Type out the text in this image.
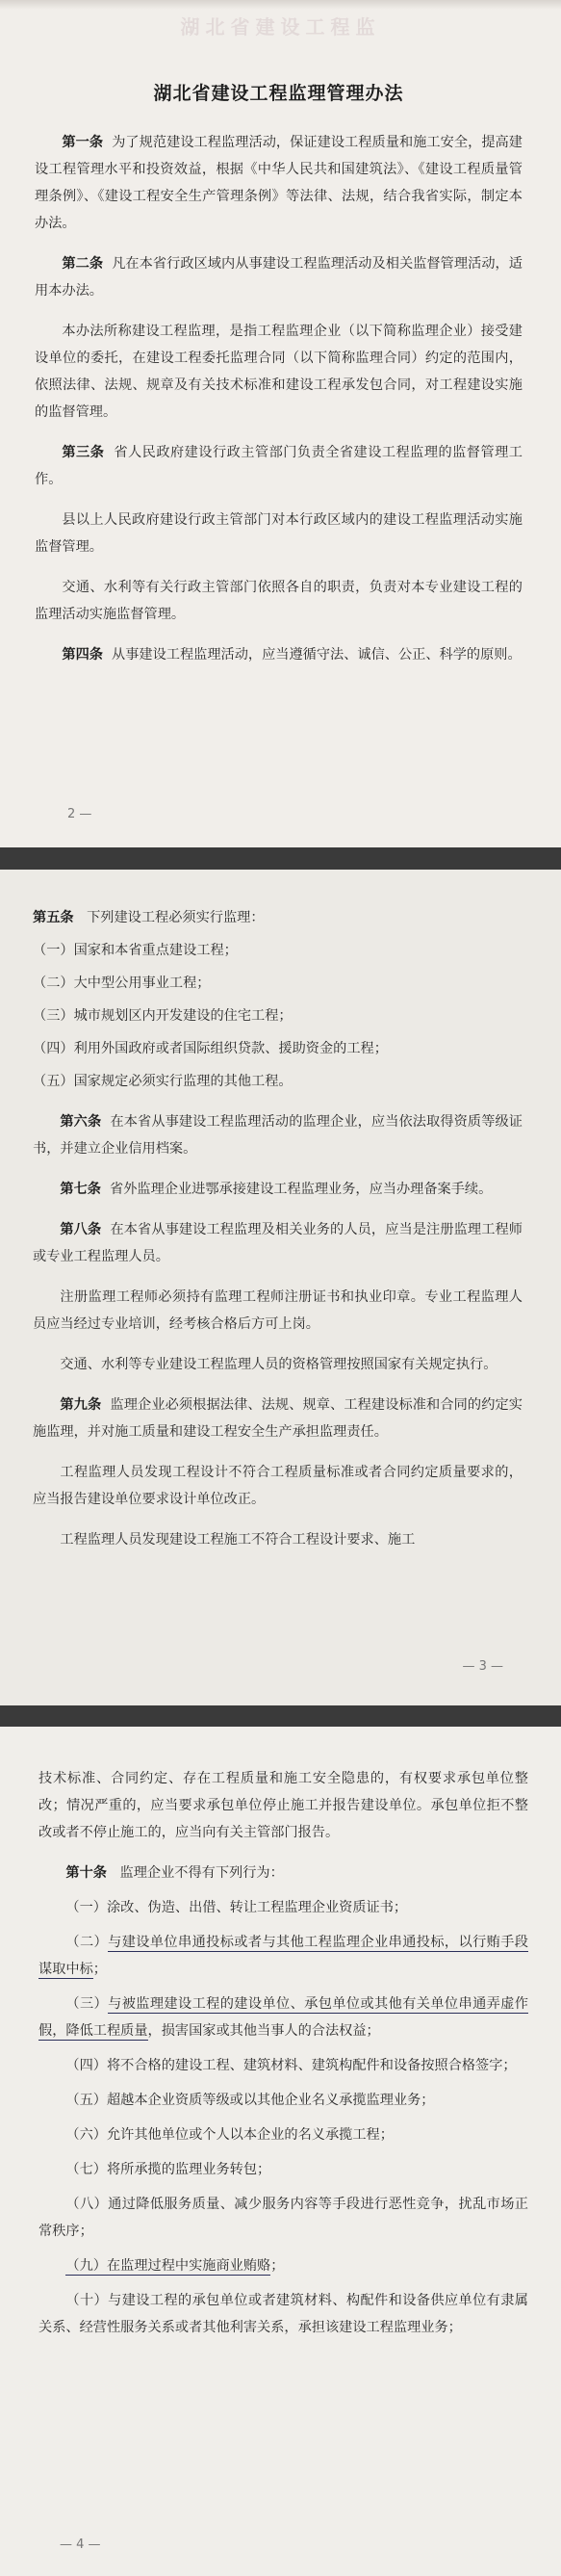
湖北省建设工程监
湖北省建设工程监理管理办法

第一条 为了规范建设工程监理活动，保证建设工程质量和施工安全，提高建设工程管理水平和投资效益，根据《中华人民共和国建筑法》、《建设工程质量管理条例》、《建设工程安全生产管理条例》等法律、法规，结合我省实际，制定本办法。

第二条 凡在本省行政区域内从事建设工程监理活动及相关监督管理活动，适用本办法。

本办法所称建设工程监理，是指工程监理企业（以下简称监理企业）接受建设单位的委托，在建设工程委托监理合同（以下简称监理合同）约定的范围内，依照法律、法规、规章及有关技术标准和建设工程承发包合同，对工程建设实施的监督管理。

第三条 省人民政府建设行政主管部门负责全省建设工程监理的监督管理工作。

县以上人民政府建设行政主管部门对本行政区域内的建设工程监理活动实施监督管理。

交通、水利等有关行政主管部门依照各自的职责，负责对本专业建设工程的监理活动实施监督管理。

第四条 从事建设工程监理活动，应当遵循守法、诚信、公正、科学的原则。

2 —

第五条 下列建设工程必须实行监理：

（一）国家和本省重点建设工程；

（二）大中型公用事业工程；

（三）城市规划区内开发建设的住宅工程；

（四）利用外国政府或者国际组织贷款、援助资金的工程；

（五）国家规定必须实行监理的其他工程。

第六条 在本省从事建设工程监理活动的监理企业，应当依法取得资质等级证书，并建立企业信用档案。

第七条 省外监理企业进鄂承接建设工程监理业务，应当办理备案手续。

第八条 在本省从事建设工程监理及相关业务的人员，应当是注册监理工程师或专业工程监理人员。

注册监理工程师必须持有监理工程师注册证书和执业印章。专业工程监理人员应当经过专业培训，经考核合格后方可上岗。

交通、水利等专业建设工程监理人员的资格管理按照国家有关规定执行。

第九条 监理企业必须根据法律、法规、规章、工程建设标准和合同的约定实施监理，并对施工质量和建设工程安全生产承担监理责任。

工程监理人员发现工程设计不符合工程质量标准或者合同约定质量要求的，应当报告建设单位要求设计单位改正。

工程监理人员发现建设工程施工不符合工程设计要求、施工

— 3 —

技术标准、合同约定、存在工程质量和施工安全隐患的，有权要求承包单位整改；情况严重的，应当要求承包单位停止施工并报告建设单位。承包单位拒不整改或者不停止施工的，应当向有关主管部门报告。

第十条 监理企业不得有下列行为：

（一）涂改、伪造、出借、转让工程监理企业资质证书；

（二）与建设单位串通投标或者与其他工程监理企业串通投标，以行贿手段谋取中标；

（三）与被监理建设工程的建设单位、承包单位或其他有关单位串通弄虚作假，降低工程质量，损害国家或其他当事人的合法权益；

（四）将不合格的建设工程、建筑材料、建筑构配件和设备按照合格签字；

（五）超越本企业资质等级或以其他企业名义承揽监理业务；

（六）允许其他单位或个人以本企业的名义承揽工程；

（七）将所承揽的监理业务转包；

（八）通过降低服务质量、减少服务内容等手段进行恶性竞争，扰乱市场正常秩序；

（九）在监理过程中实施商业贿赂；

（十）与建设工程的承包单位或者建筑材料、构配件和设备供应单位有隶属关系、经营性服务关系或者其他利害关系，承担该建设工程监理业务；

— 4 —
